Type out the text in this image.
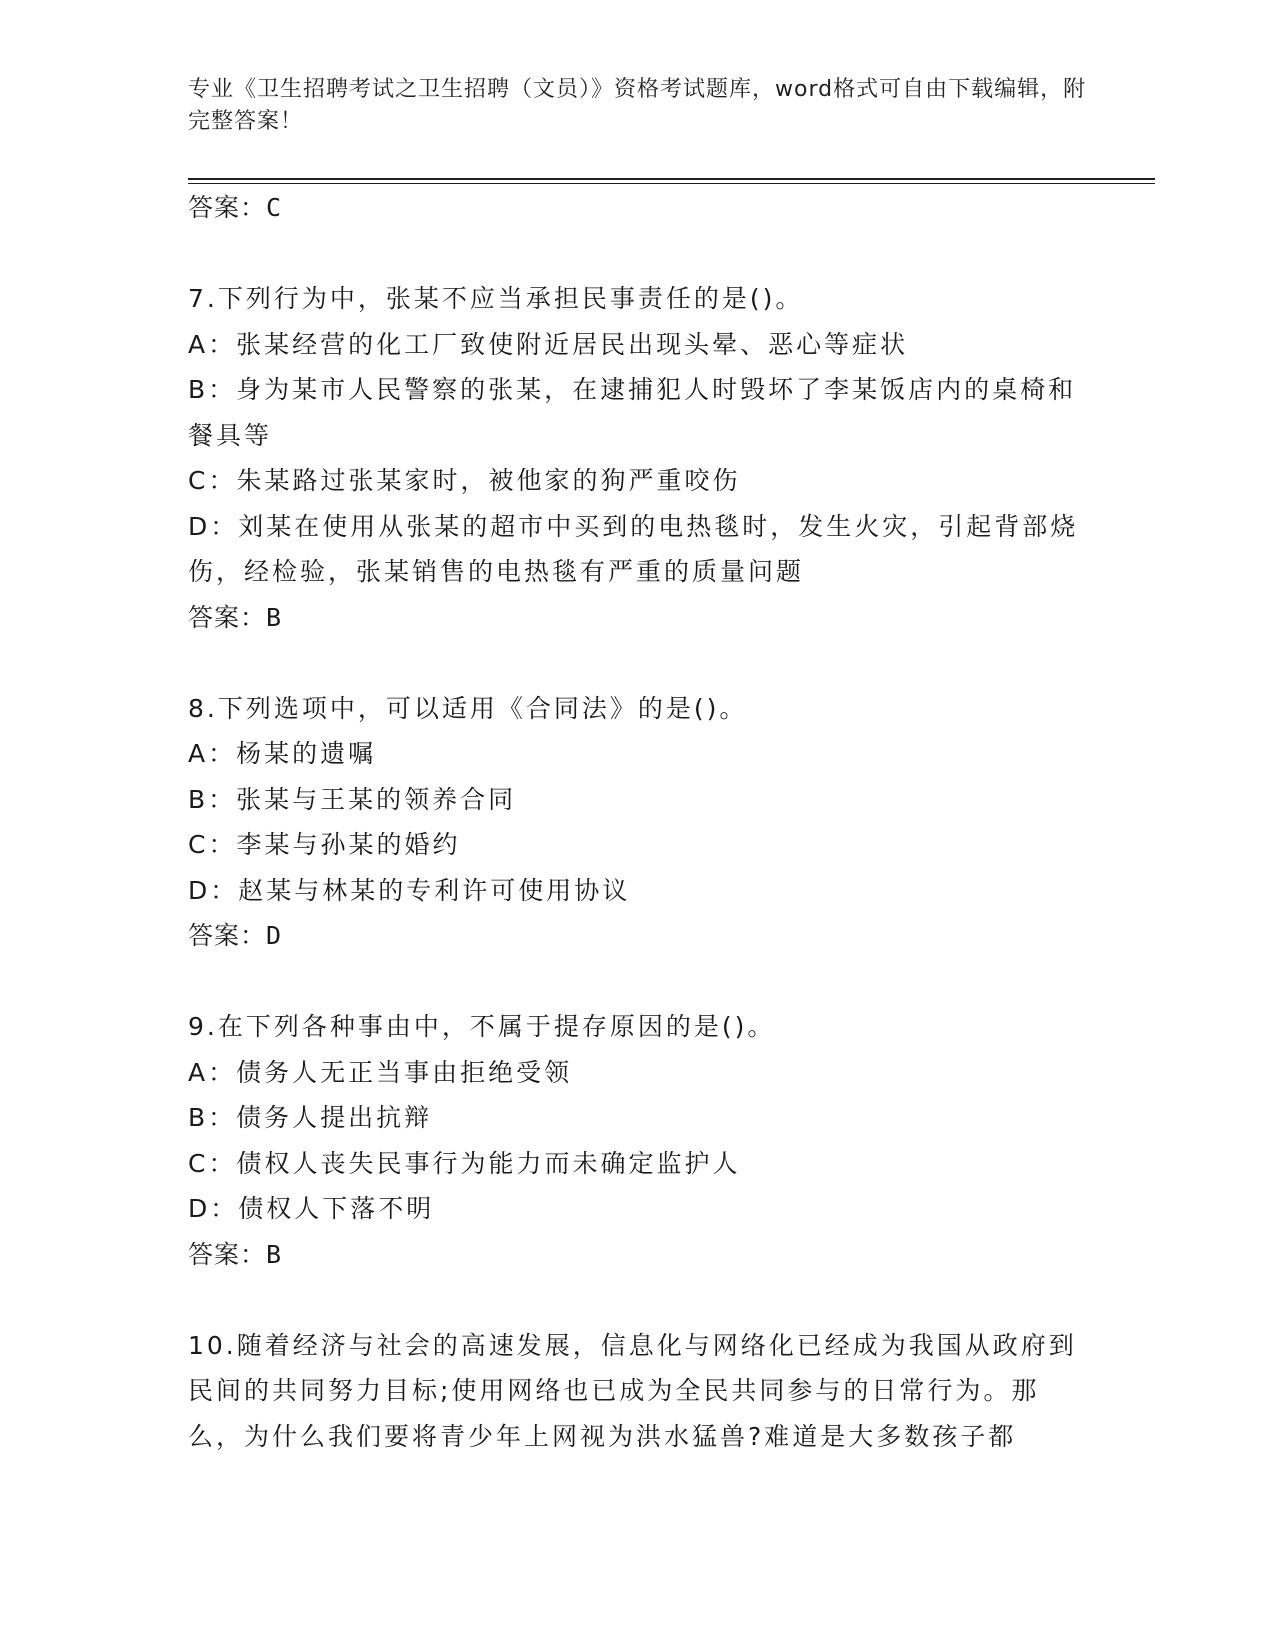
专业《卫生招聘考试之卫生招聘（文员）》资格考试题库，word格式可自由下载编辑，附完整答案！
答案：C
7.下列行为中，张某不应当承担民事责任的是()。
A：张某经营的化工厂致使附近居民出现头晕、恶心等症状
B：身为某市人民警察的张某，在逮捕犯人时毁坏了李某饭店内的桌椅和餐具等
C：朱某路过张某家时，被他家的狗严重咬伤
D：刘某在使用从张某的超市中买到的电热毯时，发生火灾，引起背部烧伤，经检验，张某销售的电热毯有严重的质量问题
答案：B
8.下列选项中，可以适用《合同法》的是()。
A：杨某的遗嘱
B：张某与王某的领养合同
C：李某与孙某的婚约
D：赵某与林某的专利许可使用协议
答案：D
9.在下列各种事由中，不属于提存原因的是()。
A：债务人无正当事由拒绝受领
B：债务人提出抗辩
C：债权人丧失民事行为能力而未确定监护人
D：债权人下落不明
答案：B
10.随着经济与社会的高速发展，信息化与网络化已经成为我国从政府到民间的共同努力目标;使用网络也已成为全民共同参与的日常行为。那么，为什么我们要将青少年上网视为洪水猛兽?难道是大多数孩子都
